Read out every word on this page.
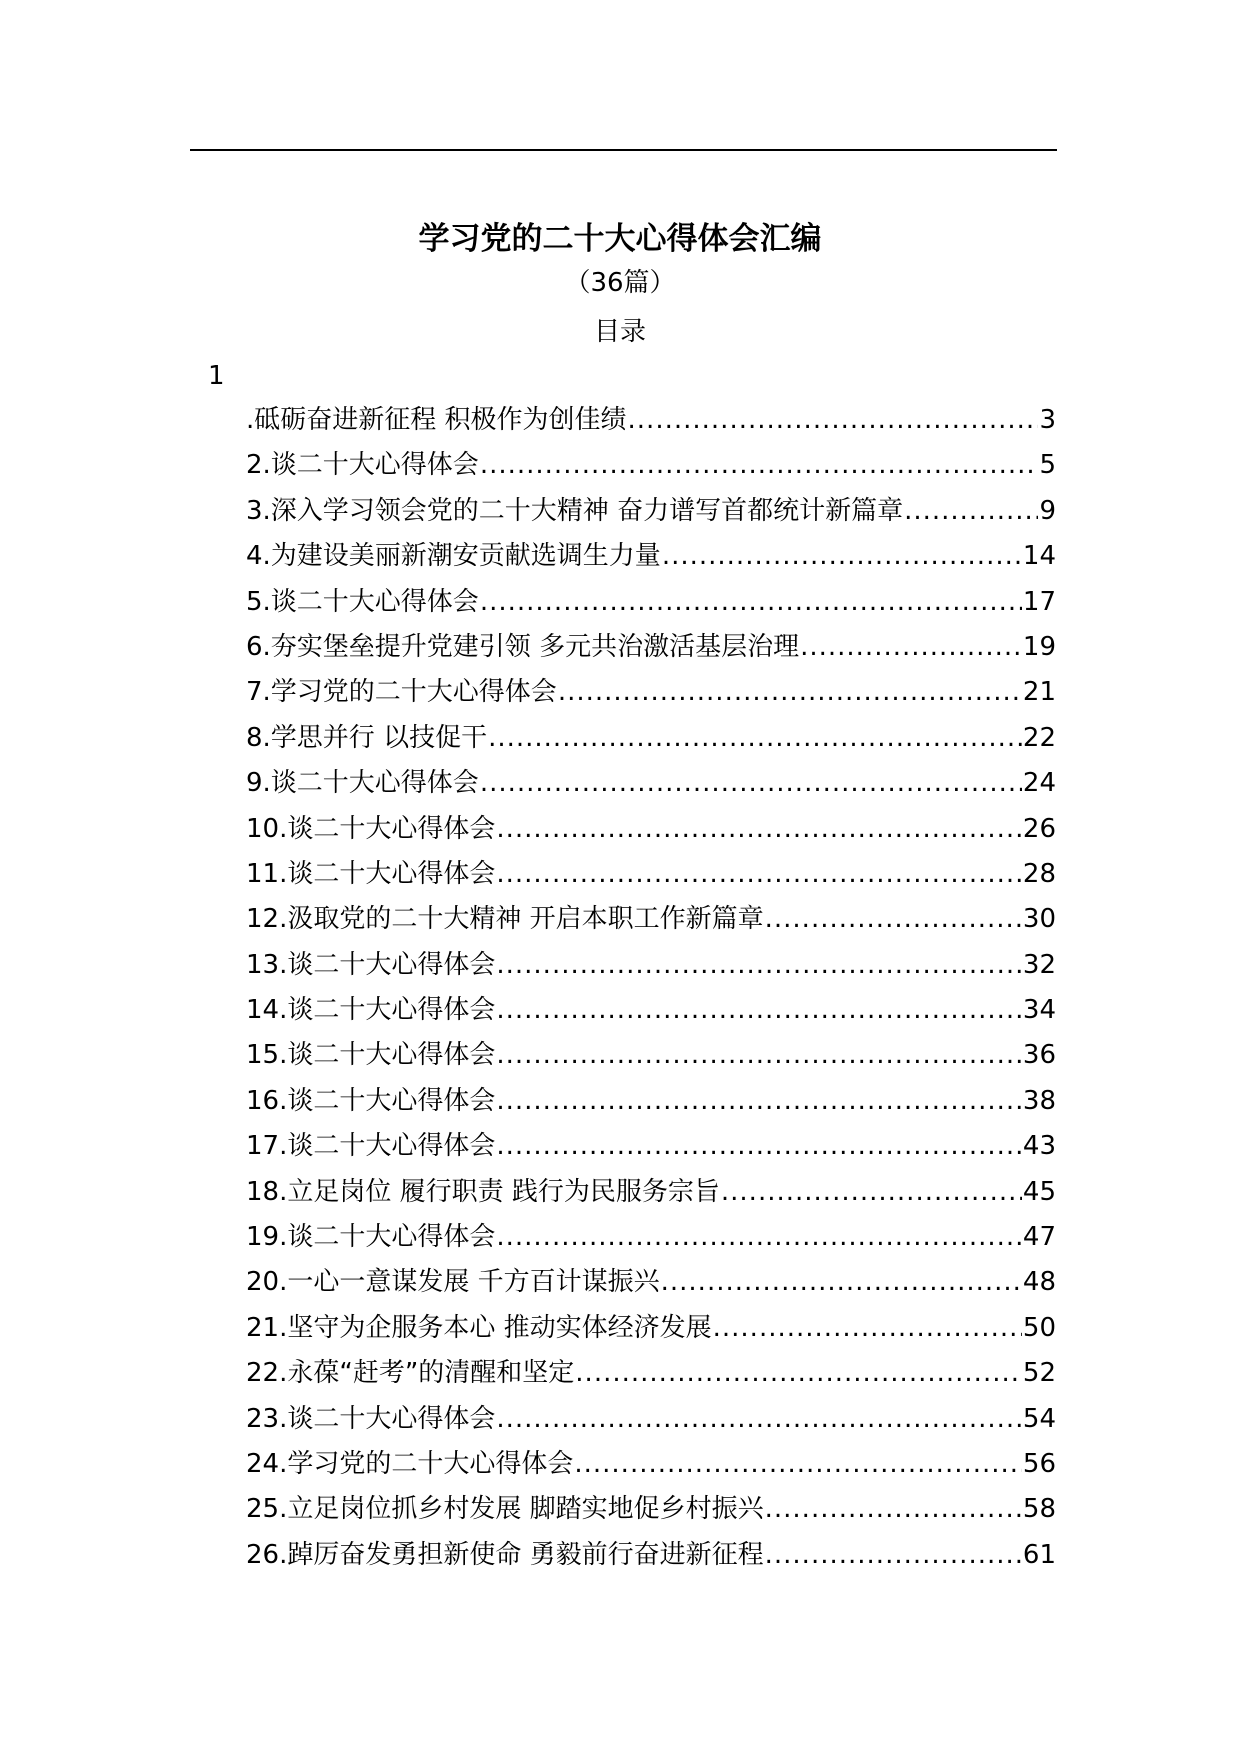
学习党的二十大心得体会汇编
（36篇）
目录
1
.砥砺奋进新征程 积极作为创佳绩 .....	3
2.谈二十大心得体会 .....	5
3.深入学习领会党的二十大精神 奋力谱写首都统计新篇章 .....	9
4.为建设美丽新潮安贡献选调生力量 .....	14
5.谈二十大心得体会 .....	17
6.夯实堡垒提升党建引领 多元共治激活基层治理 .....	19
7.学习党的二十大心得体会 .....	21
8.学思并行 以技促干 .....	22
9.谈二十大心得体会 .....	24
10.谈二十大心得体会 .....	26
11.谈二十大心得体会 .....	28
12.汲取党的二十大精神 开启本职工作新篇章 .....	30
13.谈二十大心得体会 .....	32
14.谈二十大心得体会 .....	34
15.谈二十大心得体会 .....	36
16.谈二十大心得体会 .....	38
17.谈二十大心得体会 .....	43
18.立足岗位 履行职责 践行为民服务宗旨 .....	45
19.谈二十大心得体会 .....	47
20.一心一意谋发展 千方百计谋振兴 .....	48
21.坚守为企服务本心 推动实体经济发展 .....	50
22.永葆“赶考”的清醒和坚定 .....	52
23.谈二十大心得体会 .....	54
24.学习党的二十大心得体会 .....	56
25.立足岗位抓乡村发展 脚踏实地促乡村振兴 .....	58
26.踔厉奋发勇担新使命 勇毅前行奋进新征程 .....	61
